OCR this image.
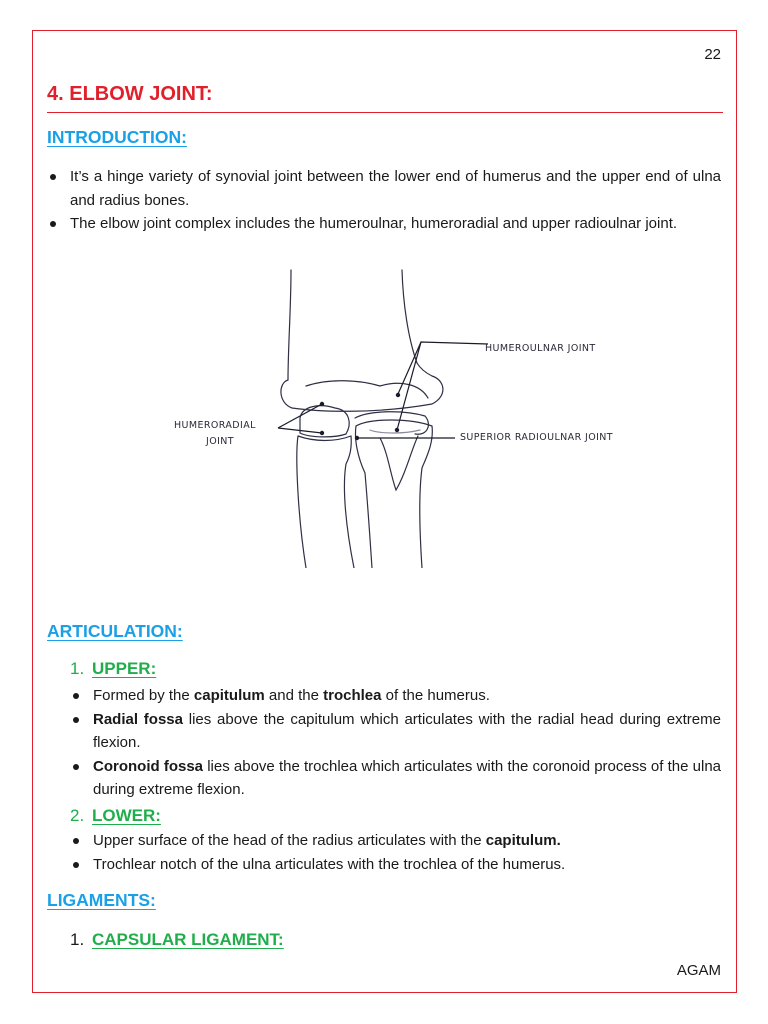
22
4. ELBOW JOINT:
INTRODUCTION:
It’s a hinge variety of synovial joint between the lower end of humerus and the upper end of ulna and radius bones.
The elbow joint complex includes the humeroulnar, humeroradial and upper radioulnar joint.
HUMEROULNAR JOINT
HUMERORADIAL
JOINT	SUPERIOR RADIOULNAR JOINT
ARTICULATION:
1. UPPER:
Formed by the capitulum and the trochlea of the humerus.
Radial fossa lies above the capitulum which articulates with the radial head during extreme flexion.
Coronoid fossa lies above the trochlea which articulates with the coronoid process of the ulna during extreme flexion.
2. LOWER:
Upper surface of the head of the radius articulates with the capitulum.
Trochlear notch of the ulna articulates with the trochlea of the humerus.
LIGAMENTS:
1. CAPSULAR LIGAMENT:
AGAM
